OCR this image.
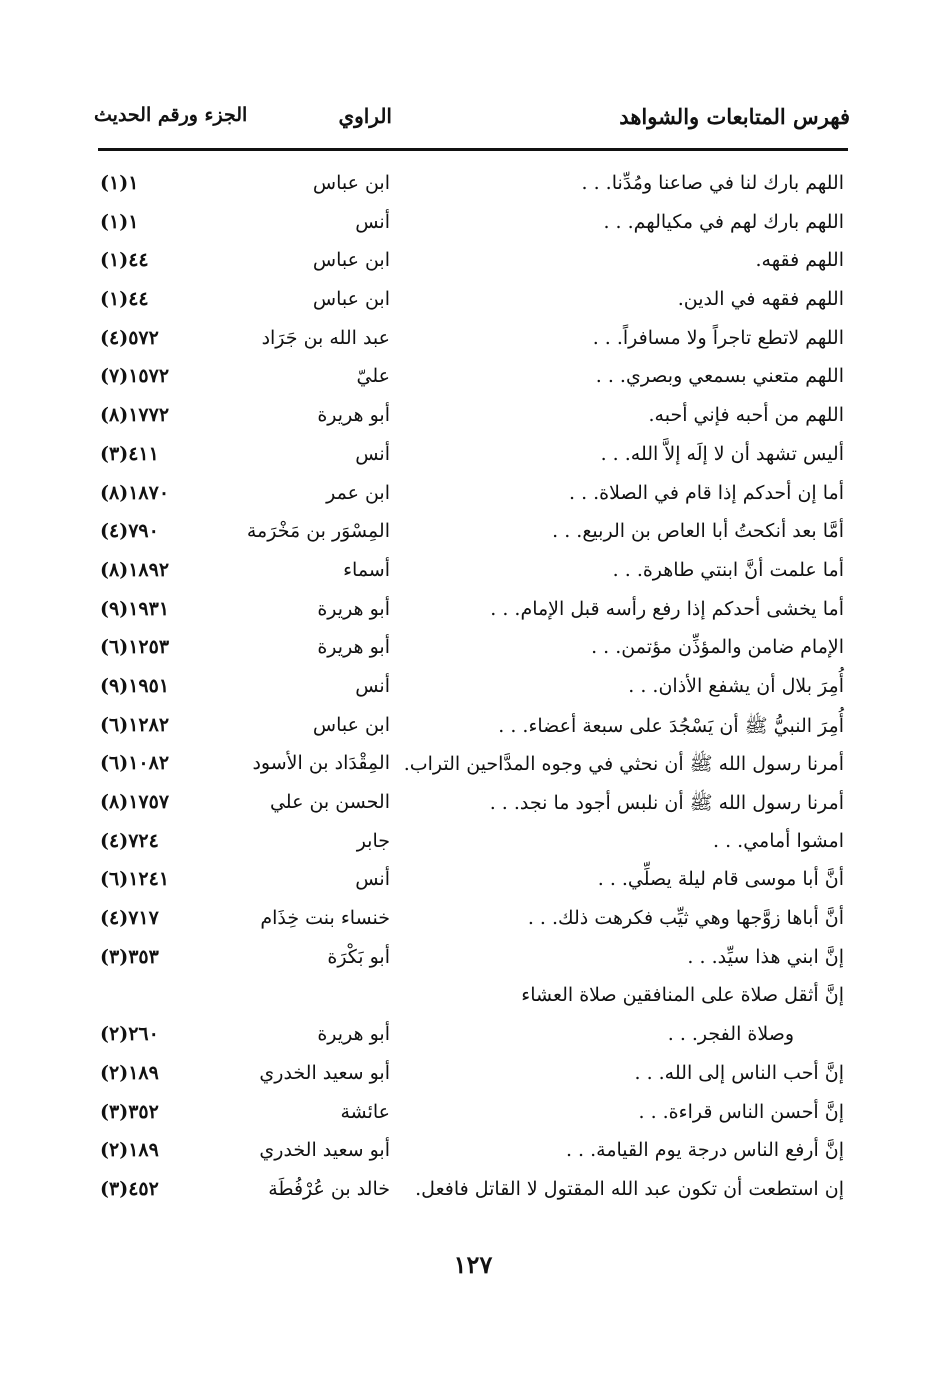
فهرس المتابعات والشواهد
الراوي
الجزء ورقم الحديث
اللهم بارك لنا في صاعنا ومُدِّنا. . .
ابن عباس
١(١)
اللهم بارك لهم في مكيالهم. . .
أنس
١(١)
اللهم فقهه.
ابن عباس
٤٤(١)
اللهم فقهه في الدين.
ابن عباس
٤٤(١)
اللهم لاتطع تاجراً ولا مسافراً. . .
عبد الله بن جَرَاد
٥٧٢(٤)
اللهم متعني بسمعي وبصري. . .
عليّ
١٥٧٢(٧)
اللهم من أحبه فإني أحبه.
أبو هريرة
١٧٧٢(٨)
أليس تشهد أن لا إلَه إلاَّ الله. . .
أنس
٤١١(٣)
أما إن أحدكم إذا قام في الصلاة. . .
ابن عمر
١٨٧٠(٨)
أمَّا بعد أنكحتُ أبا العاص بن الربيع. . .
المِسْوَر بن مَخْرَمة
٧٩٠(٤)
أما علمت أنَّ ابنتي طاهرة. . .
أسماء
١٨٩٢(٨)
أما يخشى أحدكم إذا رفع رأسه قبل الإمام. . .
أبو هريرة
١٩٣١(٩)
الإمام ضامن والمؤذِّن مؤتمن. . .
أبو هريرة
١٢٥٣(٦)
أُمِرَ بلال أن يشفع الأذان. . .
أنس
١٩٥١(٩)
أُمِرَ النبيُّ ﷺ أن يَسْجُدَ على سبعة أعضاء. . .
ابن عباس
١٢٨٢(٦)
أمرنا رسول الله ﷺ أن نحثي في وجوه المدَّاحين التراب.
المِقْدَاد بن الأسود
١٠٨٢(٦)
أمرنا رسول الله ﷺ أن نلبس أجود ما نجد. . .
الحسن بن علي
١٧٥٧(٨)
امشوا أمامي. . .
جابر
٧٢٤(٤)
أنَّ أبا موسى قام ليلة يصلِّي. . .
أنس
١٢٤١(٦)
أنَّ أباها زوَّجها وهي ثيِّب فكرهت ذلك. . .
خنساء بنت خِذَام
٧١٧(٤)
إنَّ ابني هذا سيِّد. . .
أبو بَكْرَة
٣٥٣(٣)
إنَّ أثقل صلاة على المنافقين صلاة العشاء
وصلاة الفجر. . .
أبو هريرة
٢٦٠(٢)
إنَّ أحب الناس إلى الله. . .
أبو سعيد الخدري
١٨٩(٢)
إنَّ أحسن الناس قراءة. . .
عائشة
٣٥٢(٣)
إنَّ أرفع الناس درجة يوم القيامة. . .
أبو سعيد الخدري
١٨٩(٢)
إن استطعت أن تكون عبد الله المقتول لا القاتل فافعل.
خالد بن عُرْفُطَة
٤٥٢(٣)
١٢٧
